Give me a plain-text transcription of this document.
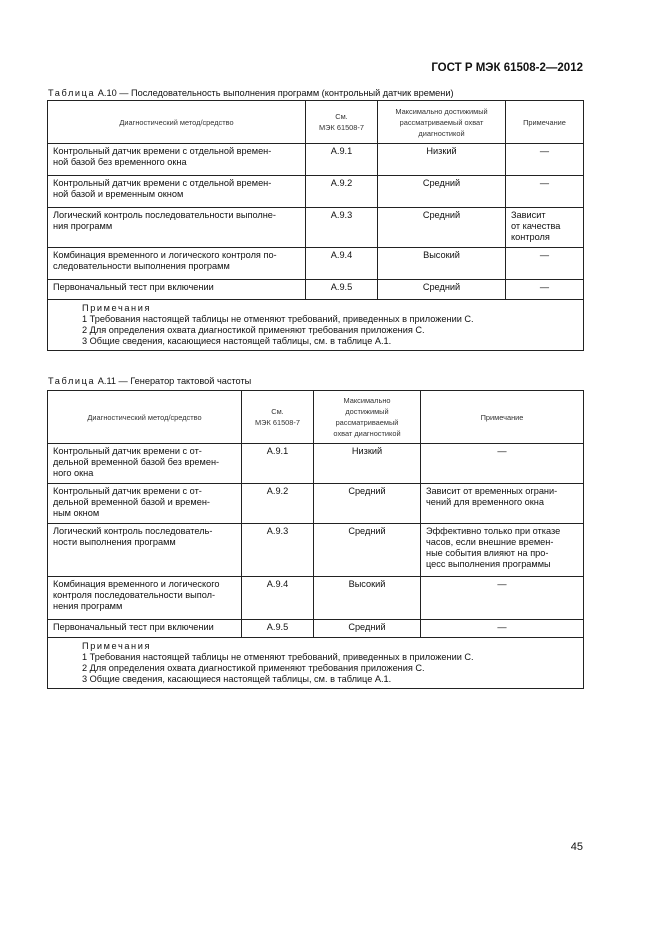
ГОСТ Р МЭК 61508-2—2012
Таблица А.10 — Последовательность выполнения программ (контрольный датчик времени)
Диагностический метод/средство	См.
МЭК 61508-7	Максимально достижимый
рассматриваемый охват
диагностикой	Примечание
Контрольный датчик времени с отдельной времен-
ной базой без временного окна	А.9.1	Низкий	—
Контрольный датчик времени с отдельной времен-
ной базой и временным окном	А.9.2	Средний	—
Логический контроль последовательности выполне-
ния программ	А.9.3	Средний	Зависит
от качества
контроля
Комбинация временного и логического контроля по-
следовательности выполнения программ	А.9.4	Высокий	—
Первоначальный тест при включении	А.9.5	Средний	—

Примечания
1 Требования настоящей таблицы не отменяют требований, приведенных в приложении С.
2 Для определения охвата диагностикой применяют требования приложения С.
3 Общие сведения, касающиеся настоящей таблицы, см. в таблице А.1.			
Таблица А.11 — Генератор тактовой частоты
Диагностический метод/средство	См.
МЭК 61508-7	Максимально
достижимый
рассматриваемый
охват диагностикой	Примечание
Контрольный датчик времени с от-
дельной временной базой без времен-
ного окна	А.9.1	Низкий	—
Контрольный датчик времени с от-
дельной временной базой и времен-
ным окном	А.9.2	Средний	Зависит от временных ограни-
чений для временного окна
Логический контроль последователь-
ности выполнения программ	А.9.3	Средний	Эффективно только при отказе
часов, если внешние времен-
ные события влияют на про-
цесс выполнения программы
Комбинация временного и логического
контроля последовательности выпол-
нения программ	А.9.4	Высокий	—
Первоначальный тест при включении	А.9.5	Средний	—

Примечания
1 Требования настоящей таблицы не отменяют требований, приведенных в приложении С.
2 Для определения охвата диагностикой применяют требования приложения С.
3 Общие сведения, касающиеся настоящей таблицы, см. в таблице А.1.			
45
